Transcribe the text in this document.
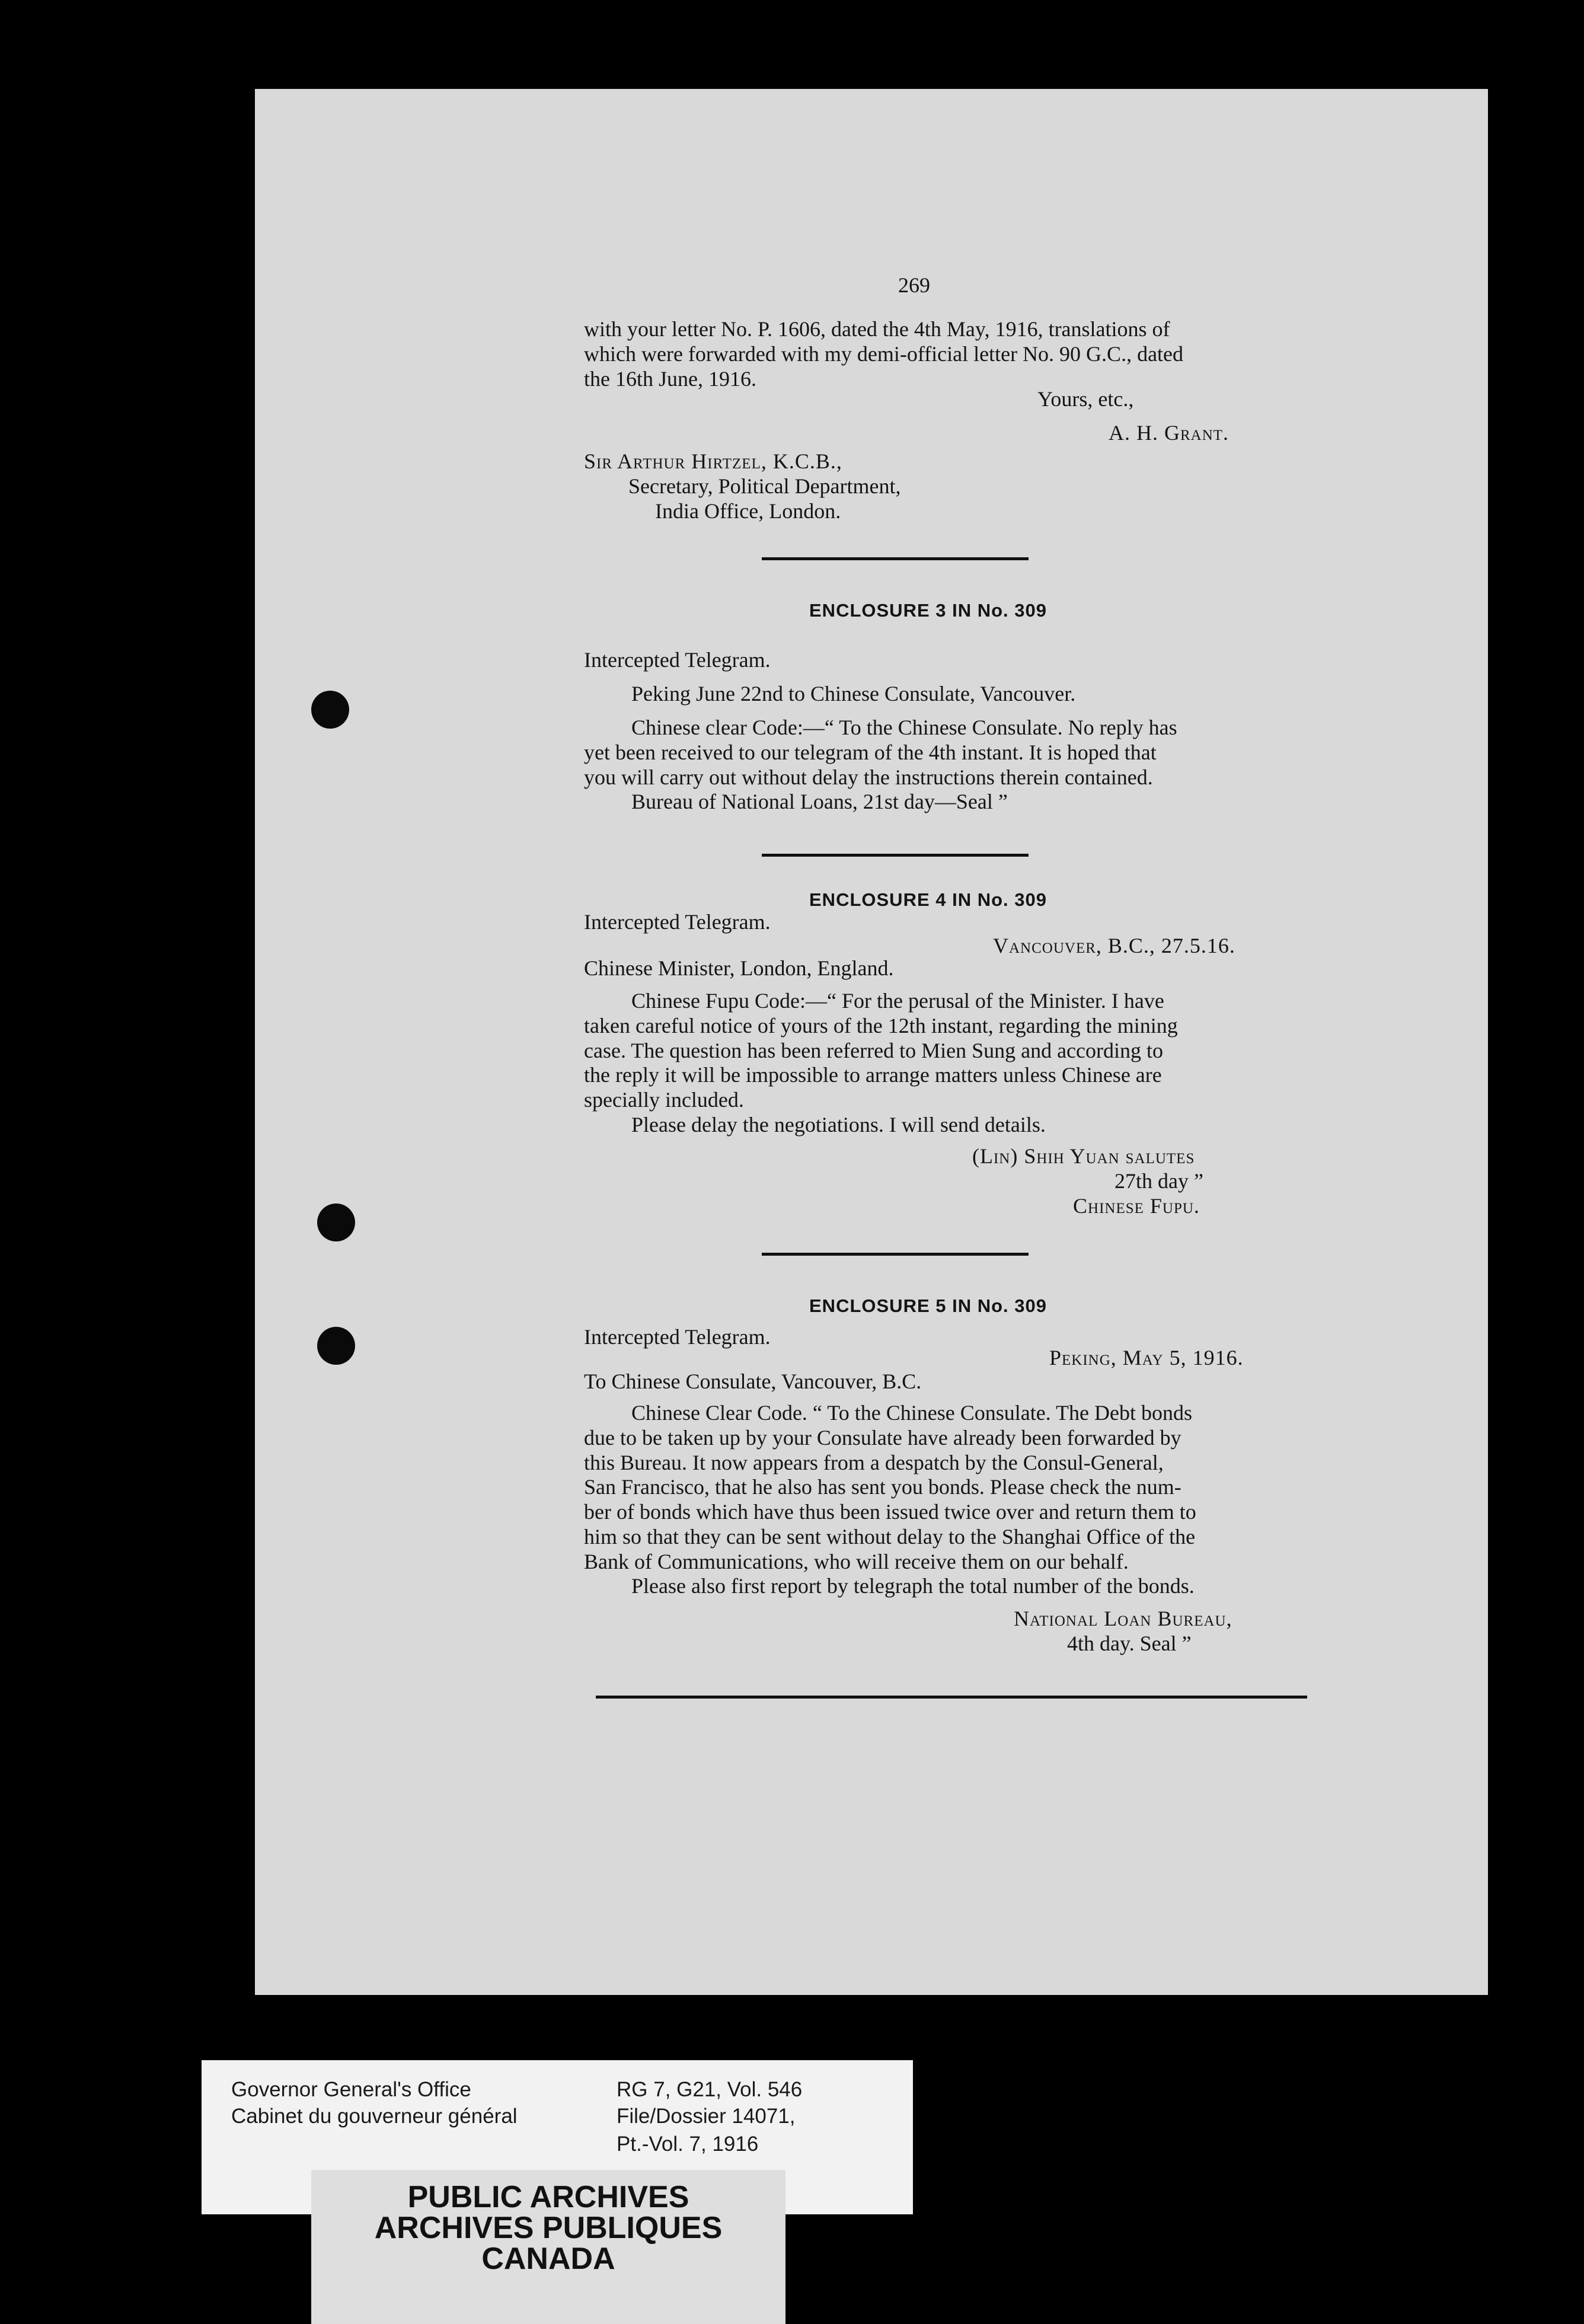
269
with your letter No. P. 1606, dated the 4th May, 1916, translations of
which were forwarded with my demi-official letter No. 90 G.C., dated
the 16th June, 1916.
Yours, etc.,
A. H. Grant.
Sir Arthur Hirtzel, K.C.B.,
Secretary, Political Department,
India Office, London.
ENCLOSURE 3 IN No. 309
Intercepted Telegram.
Peking June 22nd to Chinese Consulate, Vancouver.
Chinese clear Code:—“ To the Chinese Consulate. No reply has
yet been received to our telegram of the 4th instant. It is hoped that
you will carry out without delay the instructions therein contained.
Bureau of National Loans, 21st day—Seal ”
ENCLOSURE 4 IN No. 309
Intercepted Telegram.
Vancouver, B.C., 27.5.16.
Chinese Minister, London, England.
Chinese Fupu Code:—“ For the perusal of the Minister. I have
taken careful notice of yours of the 12th instant, regarding the mining
case. The question has been referred to Mien Sung and according to
the reply it will be impossible to arrange matters unless Chinese are
specially included.
Please delay the negotiations. I will send details.
(Lin) Shih Yuan salutes
27th day ”
Chinese Fupu.
ENCLOSURE 5 IN No. 309
Intercepted Telegram.
Peking, May 5, 1916.
To Chinese Consulate, Vancouver, B.C.
Chinese Clear Code. “ To the Chinese Consulate. The Debt bonds
due to be taken up by your Consulate have already been forwarded by
this Bureau. It now appears from a despatch by the Consul-General,
San Francisco, that he also has sent you bonds. Please check the num-
ber of bonds which have thus been issued twice over and return them to
him so that they can be sent without delay to the Shanghai Office of the
Bank of Communications, who will receive them on our behalf.
Please also first report by telegraph the total number of the bonds.
National Loan Bureau,
4th day. Seal ”
Governor General's Office
Cabinet du gouverneur général
RG 7, G21, Vol. 546
File/Dossier 14071,
Pt.-Vol. 7, 1916
PUBLIC ARCHIVES
ARCHIVES PUBLIQUES
CANADA
